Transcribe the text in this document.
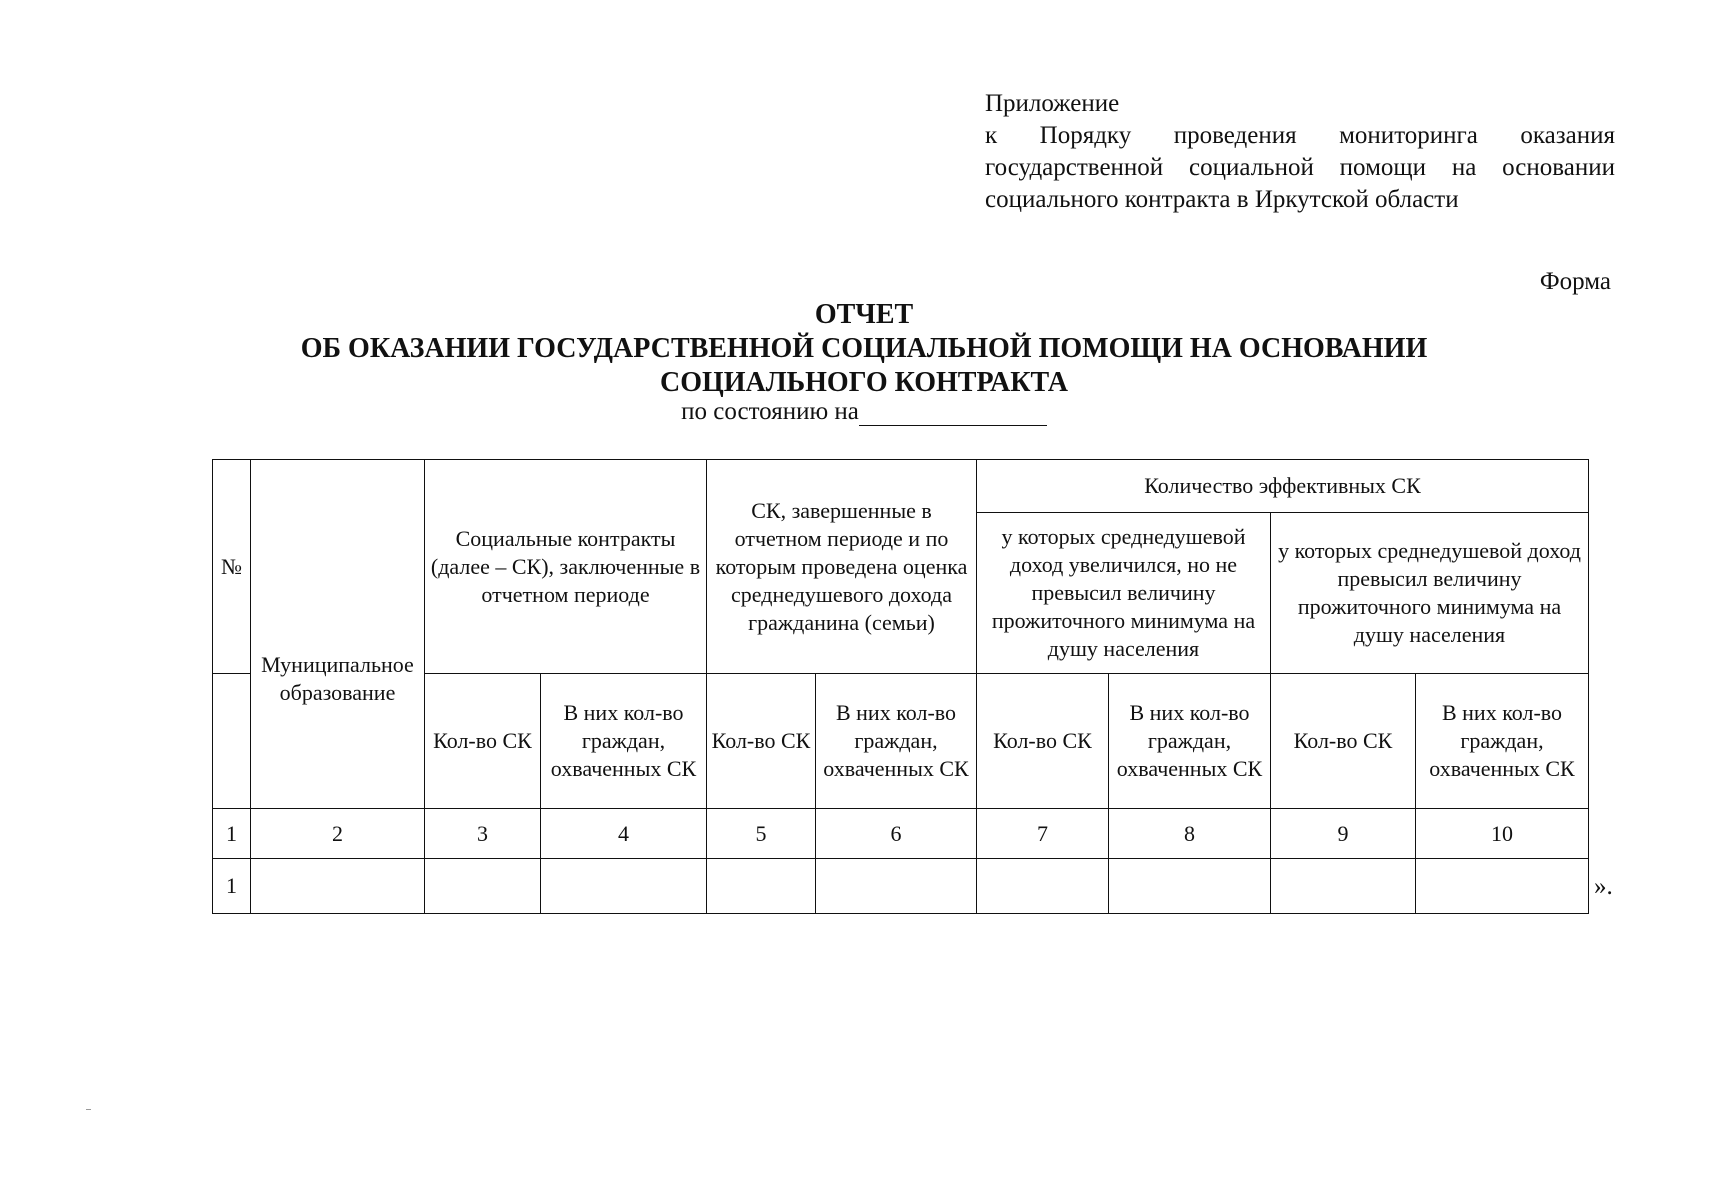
Приложение
к Порядку проведения мониторинга оказания
государственной социальной помощи на основании
социального контракта в Иркутской области
Форма
ОТЧЕТ
ОБ ОКАЗАНИИ ГОСУДАРСТВЕННОЙ СОЦИАЛЬНОЙ ПОМОЩИ НА ОСНОВАНИИ
СОЦИАЛЬНОГО КОНТРАКТА
по состоянию на
№	Муниципальное образование	Социальные контракты (далее – СК), заключенные в отчетном периоде		СК, завершенные в отчетном периоде и по которым проведена оценка среднедушевого дохода гражданина (семьи)		Количество эффективных СК			
						у которых среднедушевой доход увеличился, но не превысил величину прожиточного минимума на душу населения		у которых среднедушевой доход превысил величину прожиточного минимума на душу населения	
		Кол-во СК	В них кол-во граждан, охваченных СК	Кол-во СК	В них кол-во граждан, охваченных СК	Кол-во СК	В них кол-во граждан, охваченных СК	Кол-во СК	В них кол-во граждан, охваченных СК
1	2	3	4	5	6	7	8	9	10
1										».
